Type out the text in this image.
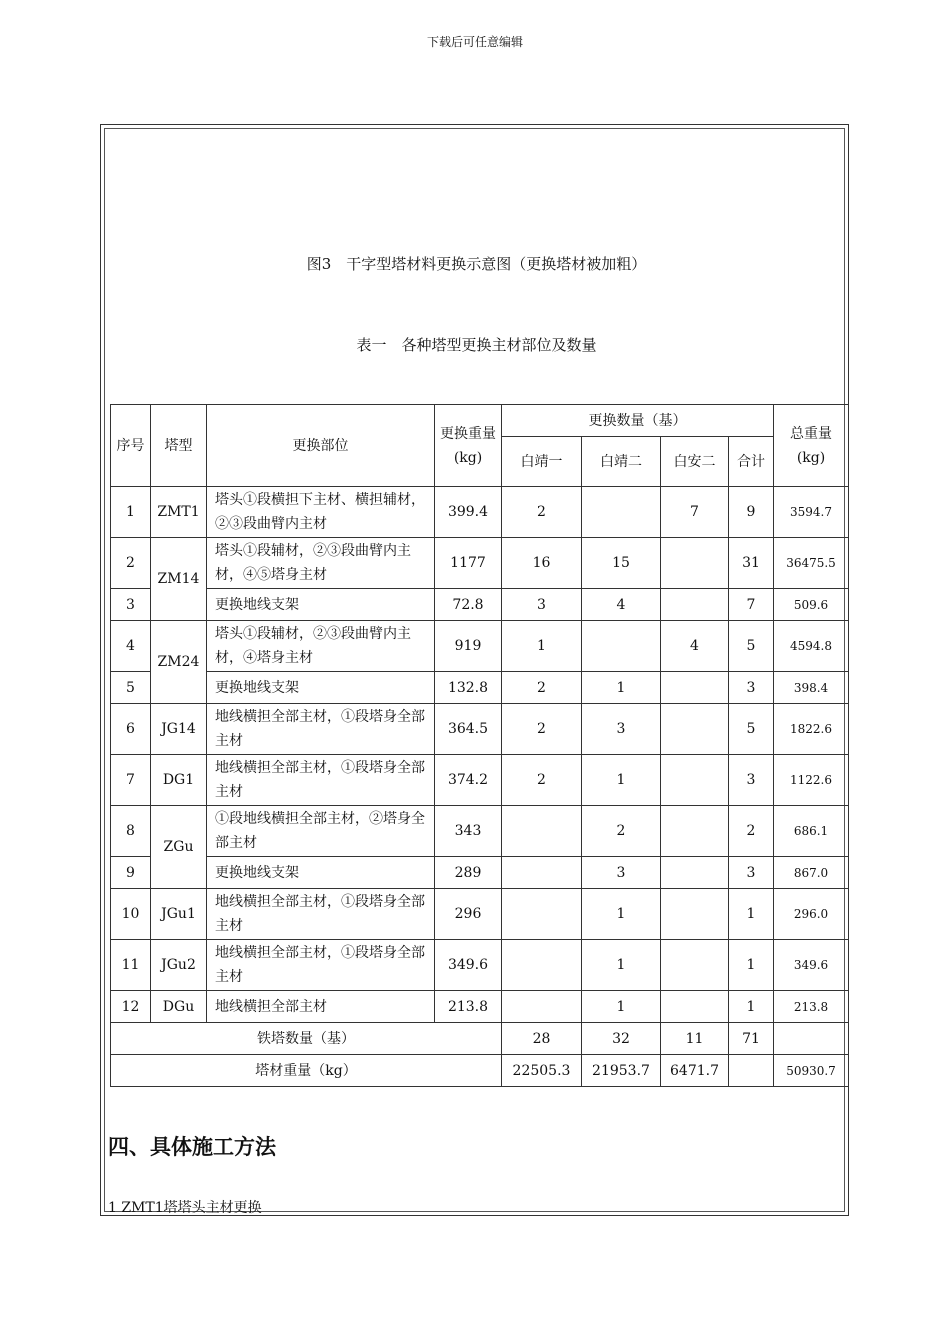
下载后可任意编辑
图3　干字型塔材料更换示意图（更换塔材被加粗）
表一　各种塔型更换主材部位及数量
序号	塔型	更换部位	更换重量(kg)	更换数量（基）				总重量(kg)
				白靖一	白靖二	白安二	合计	
1	ZMT1	塔头①段横担下主材、横担辅材，②③段曲臂内主材	399.4	2		7	9	3594.7
2	ZM14	塔头①段辅材，②③段曲臂内主材，④⑤塔身主材	1177	16	15		31	36475.5
3		更换地线支架	72.8	3	4		7	509.6
4	ZM24	塔头①段辅材，②③段曲臂内主材，④塔身主材	919	1		4	5	4594.8
5		更换地线支架	132.8	2	1		3	398.4
6	JG14	地线横担全部主材，①段塔身全部主材	364.5	2	3		5	1822.6
7	DG1	地线横担全部主材，①段塔身全部主材	374.2	2	1		3	1122.6
8	ZGu	①段地线横担全部主材，②塔身全部主材	343		2		2	686.1
9		更换地线支架	289		3		3	867.0
10	JGu1	地线横担全部主材，①段塔身全部主材	296		1		1	296.0
11	JGu2	地线横担全部主材，①段塔身全部主材	349.6		1		1	349.6
12	DGu	地线横担全部主材	213.8		1		1	213.8
铁塔数量（基）				28	32	11	71	
塔材重量（kg）				22505.3	21953.7	6471.7		50930.7
四、具体施工方法
1 ZMT1塔塔头主材更换
